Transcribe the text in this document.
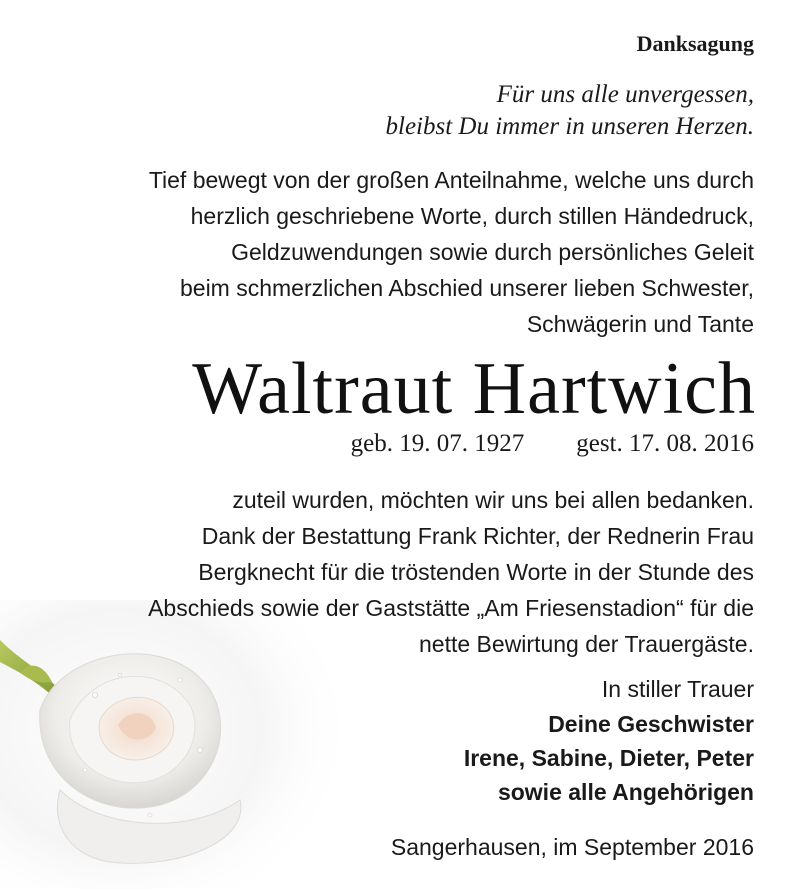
Danksagung
Für uns alle unvergessen,
bleibst Du immer in unseren Herzen.
Tief bewegt von der großen Anteilnahme, welche uns durch
herzlich geschriebene Worte, durch stillen Händedruck,
Geldzuwendungen sowie durch persönliches Geleit
beim schmerzlichen Abschied unserer lieben Schwester,
Schwägerin und Tante
Waltraut Hartwich
geb. 19. 07. 1927 gest. 17. 08. 2016
zuteil wurden, möchten wir uns bei allen bedanken.
Dank der Bestattung Frank Richter, der Rednerin Frau
Bergknecht für die tröstenden Worte in der Stunde des
Abschieds sowie der Gaststätte „Am Friesenstadion“ für die
nette Bewirtung der Trauergäste.
In stiller Trauer
Deine Geschwister
Irene, Sabine, Dieter, Peter
sowie alle Angehörigen
Sangerhausen, im September 2016
